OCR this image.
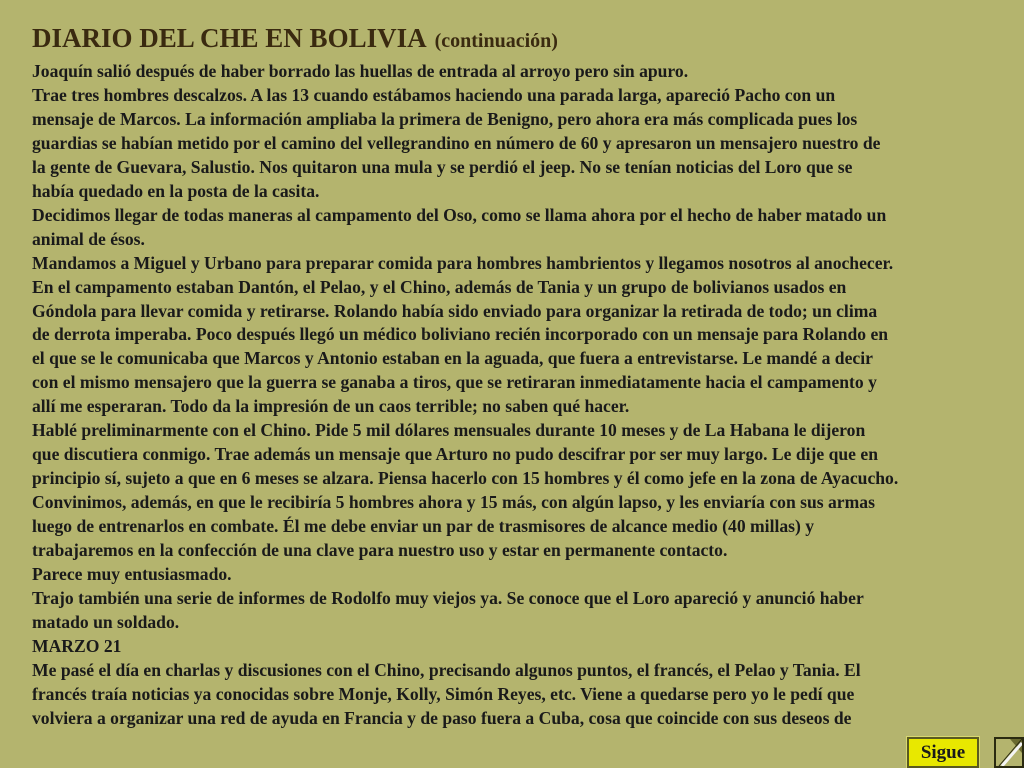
DIARIO DEL CHE EN BOLIVIA (continuación)

Joaquín salió después de haber borrado las huellas de entrada al arroyo pero sin apuro.

Trae tres hombres descalzos. A las 13 cuando estábamos haciendo una parada larga, apareció Pacho con un

mensaje de Marcos. La información ampliaba la primera de Benigno, pero ahora era más complicada pues los

guardias se habían metido por el camino del vellegrandino en número de 60 y apresaron un mensajero nuestro de

la gente de Guevara, Salustio. Nos quitaron una mula y se perdió el jeep. No se tenían noticias del Loro que se

había quedado en la posta de la casita.

Decidimos llegar de todas maneras al campamento del Oso, como se llama ahora por el hecho de haber matado un

animal de ésos.

Mandamos a Miguel y Urbano para preparar comida para hombres hambrientos y llegamos nosotros al anochecer.

En el campamento estaban Dantón, el Pelao, y el Chino, además de Tania y un grupo de bolivianos usados en

Góndola para llevar comida y retirarse. Rolando había sido enviado para organizar la retirada de todo; un clima

de derrota imperaba. Poco después llegó un médico boliviano recién incorporado con un mensaje para Rolando en

el que se le comunicaba que Marcos y Antonio estaban en la aguada, que fuera a entrevistarse. Le mandé a decir

con el mismo mensajero que la guerra se ganaba a tiros, que se retiraran inmediatamente hacia el campamento y

allí me esperaran. Todo da la impresión de un caos terrible; no saben qué hacer.

Hablé preliminarmente con el Chino. Pide 5 mil dólares mensuales durante 10 meses y de La Habana le dijeron

que discutiera conmigo. Trae además un mensaje que Arturo no pudo descifrar por ser muy largo. Le dije que en

principio sí, sujeto a que en 6 meses se alzara. Piensa hacerlo con 15 hombres y él como jefe en la zona de Ayacucho.

Convinimos, además, en que le recibiría 5 hombres ahora y 15 más, con algún lapso, y les enviaría con sus armas

luego de entrenarlos en combate. Él me debe enviar un par de trasmisores de alcance medio (40 millas) y

trabajaremos en la confección de una clave para nuestro uso y estar en permanente contacto.

Parece muy entusiasmado.

Trajo también una serie de informes de Rodolfo muy viejos ya. Se conoce que el Loro apareció y anunció haber

matado un soldado.

MARZO 21

Me pasé el día en charlas y discusiones con el Chino, precisando algunos puntos, el francés, el Pelao y Tania. El

francés traía noticias ya conocidas sobre Monje, Kolly, Simón Reyes, etc. Viene a quedarse pero yo le pedí que

volviera a organizar una red de ayuda en Francia y de paso fuera a Cuba, cosa que coincide con sus deseos de

Sigue
